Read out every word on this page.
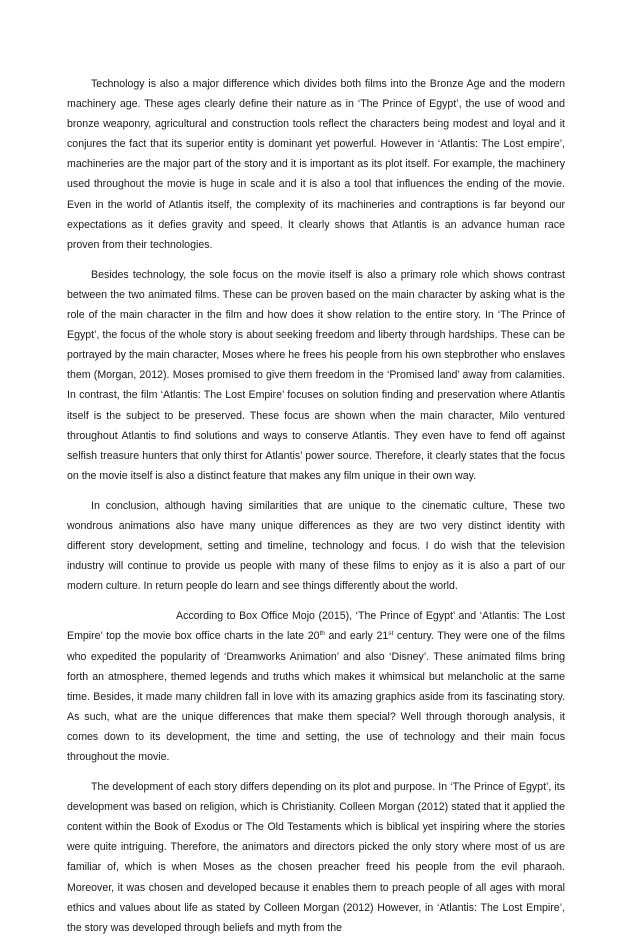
Technology is also a major difference which divides both films into the Bronze Age and the modern machinery age. These ages clearly define their nature as in ‘The Prince of Egypt’, the use of wood and bronze weaponry, agricultural and construction tools reflect the characters being modest and loyal and it conjures the fact that its superior entity is dominant yet powerful. However in ‘Atlantis: The Lost empire’, machineries are the major part of the story and it is important as its plot itself. For example, the machinery used throughout the movie is huge in scale and it is also a tool that influences the ending of the movie. Even in the world of Atlantis itself, the complexity of its machineries and contraptions is far beyond our expectations as it defies gravity and speed. It clearly shows that Atlantis is an advance human race proven from their technologies.

Besides technology, the sole focus on the movie itself is also a primary role which shows contrast between the two animated films. These can be proven based on the main character by asking what is the role of the main character in the film and how does it show relation to the entire story. In ‘The Prince of Egypt’, the focus of the whole story is about seeking freedom and liberty through hardships. These can be portrayed by the main character, Moses where he frees his people from his own stepbrother who enslaves them (Morgan, 2012). Moses promised to give them freedom in the ‘Promised land’ away from calamities. In contrast, the film ‘Atlantis: The Lost Empire’ focuses on solution finding and preservation where Atlantis itself is the subject to be preserved. These focus are shown when the main character, Milo ventured throughout Atlantis to find solutions and ways to conserve Atlantis. They even have to fend off against selfish treasure hunters that only thirst for Atlantis’ power source. Therefore, it clearly states that the focus on the movie itself is also a distinct feature that makes any film unique in their own way.

In conclusion, although having similarities that are unique to the cinematic culture, These two wondrous animations also have many unique differences as they are two very distinct identity with different story development, setting and timeline, technology and focus. I do wish that the television industry will continue to provide us people with many of these films to enjoy as it is also a part of our modern culture. In return people do learn and see things differently about the world.

According to Box Office Mojo (2015), ‘The Prince of Egypt’ and ‘Atlantis: The Lost Empire’ top the movie box office charts in the late 20th and early 21st century. They were one of the films who expedited the popularity of ‘Dreamworks Animation’ and also ‘Disney’. These animated films bring forth an atmosphere, themed legends and truths which makes it whimsical but melancholic at the same time. Besides, it made many children fall in love with its amazing graphics aside from its fascinating story. As such, what are the unique differences that make them special? Well through thorough analysis, it comes down to its development, the time and setting, the use of technology and their main focus throughout the movie.

The development of each story differs depending on its plot and purpose. In ‘The Prince of Egypt’, its development was based on religion, which is Christianity. Colleen Morgan (2012) stated that it applied the content within the Book of Exodus or The Old Testaments which is biblical yet inspiring where the stories were quite intriguing. Therefore, the animators and directors picked the only story where most of us are familiar of, which is when Moses as the chosen preacher freed his people from the evil pharaoh. Moreover, it was chosen and developed because it enables them to preach people of all ages with moral ethics and values about life as stated by Colleen Morgan (2012) However, in ‘Atlantis: The Lost Empire’, the story was developed through beliefs and myth from the
